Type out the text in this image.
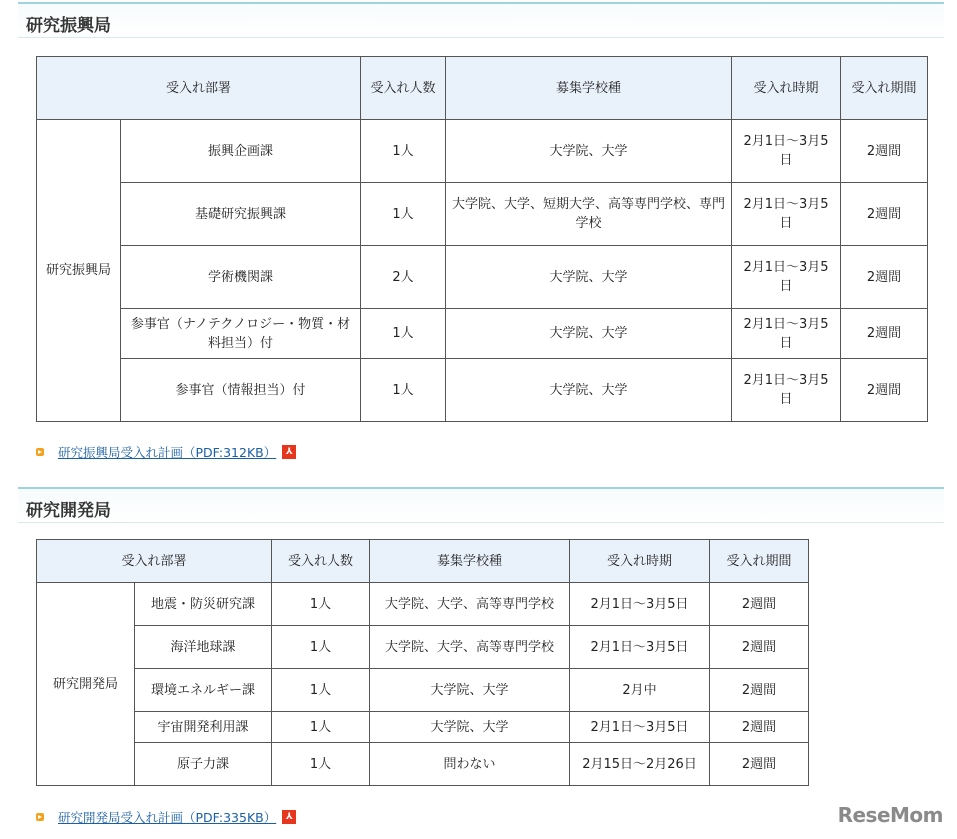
研究振興局
受入れ部署		受入れ人数	募集学校種	受入れ時期	受入れ期間
研究振興局	振興企画課	1人	大学院、大学	2月1日〜3月5日	2週間
	基礎研究振興課	1人	大学院、大学、短期大学、高等専門学校、専門学校	2月1日〜3月5日	2週間
	学術機関課	2人	大学院、大学	2月1日〜3月5日	2週間
	参事官（ナノテクノロジー・物質・材料担当）付	1人	大学院、大学	2月1日〜3月5日	2週間
	参事官（情報担当）付	1人	大学院、大学	2月1日〜3月5日	2週間
研究振興局受入れ計画（PDF:312KB）	⅄
研究開発局
受入れ部署		受入れ人数	募集学校種	受入れ時期	受入れ期間
研究開発局	地震・防災研究課	1人	大学院、大学、高等専門学校	2月1日〜3月5日	2週間
	海洋地球課	1人	大学院、大学、高等専門学校	2月1日〜3月5日	2週間
	環境エネルギー課	1人	大学院、大学	2月中	2週間
	宇宙開発利用課	1人	大学院、大学	2月1日〜3月5日	2週間
	原子力課	1人	問わない	2月15日〜2月26日	2週間
研究開発局受入れ計画（PDF:335KB）	⅄	ReseMom
